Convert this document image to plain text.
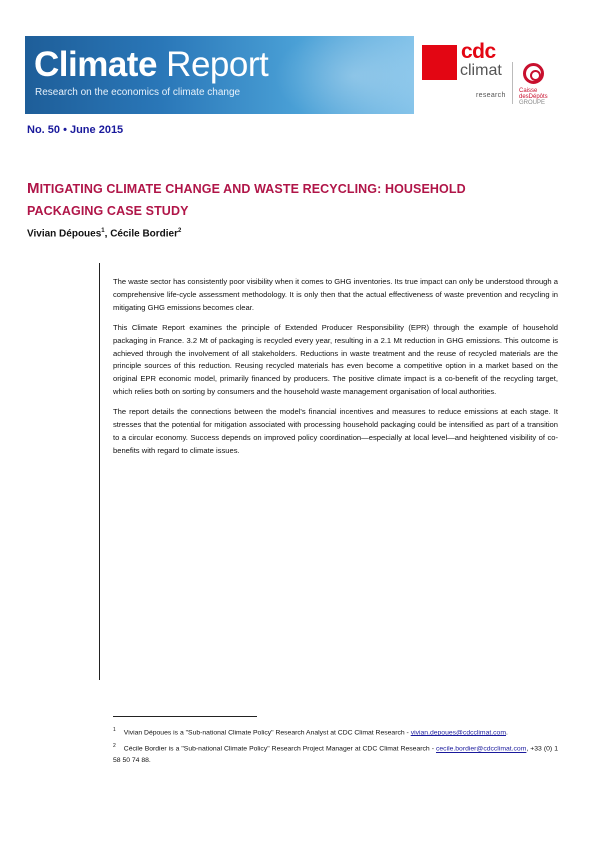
Climate Report
Research on the economics of climate change
cdc
climat
research
Caisse
desDépôts
GROUPE
No. 50 • June 2015
MITIGATING CLIMATE CHANGE AND WASTE RECYCLING: HOUSEHOLD
PACKAGING CASE STUDY
Vivian Dépoues$^1$, Cécile Bordier$^2$

The waste sector has consistently poor visibility when it comes to GHG inventories. Its true impact can only be understood through a comprehensive life-cycle assessment methodology. It is only then that the actual effectiveness of waste prevention and recycling in mitigating GHG emissions becomes clear.

This Climate Report examines the principle of Extended Producer Responsibility (EPR) through the example of household packaging in France. 3.2 Mt of packaging is recycled every year, resulting in a 2.1 Mt reduction in GHG emissions. This outcome is achieved through the involvement of all stakeholders. Reductions in waste treatment and the reuse of recycled materials are the principle sources of this reduction. Reusing recycled materials has even become a competitive option in a market based on the original EPR economic model, primarily financed by producers. The positive climate impact is a co-benefit of the recycling target, which relies both on sorting by consumers and the household waste management organisation of local authorities.

The report details the connections between the model's financial incentives and measures to reduce emissions at each stage. It stresses that the potential for mitigation associated with processing household packaging could be intensified as part of a transition to a circular economy. Success depends on improved policy coordination—especially at local level—and heightened visibility of co-benefits with regard to climate issues.

$^1$ Vivian Dépoues is a "Sub-national Climate Policy" Research Analyst at CDC Climat Research - vivian.depoues@cdcclimat.com.
$^2$ Cécile Bordier is a "Sub-national Climate Policy" Research Project Manager at CDC Climat Research - cecile.bordier@cdcclimat.com, +33 (0) 1 58 50 74 88.
